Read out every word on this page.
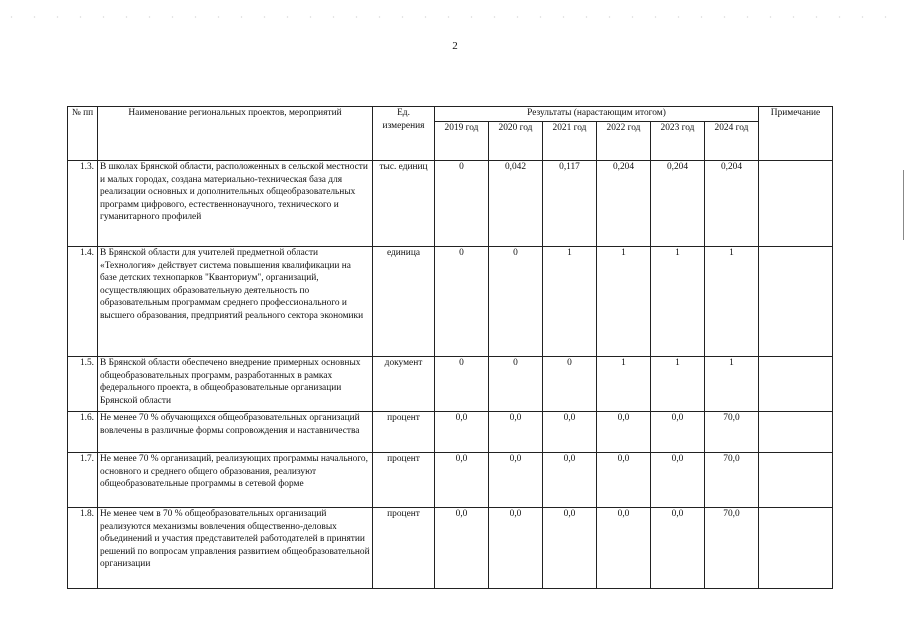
2
№ пп	Наименование региональных проектов, мероприятий	Ед. измерения	Результаты (нарастающим итогом)						Примечание
			2019 год	2020 год	2021 год	2022 год	2023 год	2024 год	
1.3.	В школах Брянской области, расположенных в сельской местности и малых городах, создана материально-техническая база для реализации основных и дополнительных общеобразовательных программ цифрового, естественнонаучного, технического и гуманитарного профилей	тыс. единиц	0	0,042	0,117	0,204	0,204	0,204	
1.4.	В Брянской области для учителей предметной области «Технология» действует система повышения квалификации на базе детских технопарков "Кванториум", организаций, осуществляющих образовательную деятельность по образовательным программам среднего профессионального и высшего образования, предприятий реального сектора экономики	единица	0	0	1	1	1	1	
1.5.	В Брянской области обеспечено внедрение примерных основных общеобразовательных программ, разработанных в рамках федерального проекта, в общеобразовательные организации Брянской области	документ	0	0	0	1	1	1	
1.6.	Не менее 70 % обучающихся общеобразовательных организаций вовлечены в различные формы сопровождения и наставничества	процент	0,0	0,0	0,0	0,0	0,0	70,0	
1.7.	Не менее 70 % организаций, реализующих программы начального, основного и среднего общего образования, реализуют общеобразовательные программы в сетевой форме	процент	0,0	0,0	0,0	0,0	0,0	70,0	
1.8.	Не менее чем в 70 % общеобразовательных организаций реализуются механизмы вовлечения общественно-деловых объединений и участия представителей работодателей в принятии решений по вопросам управления развитием общеобразовательной организации	процент	0,0	0,0	0,0	0,0	0,0	70,0	
